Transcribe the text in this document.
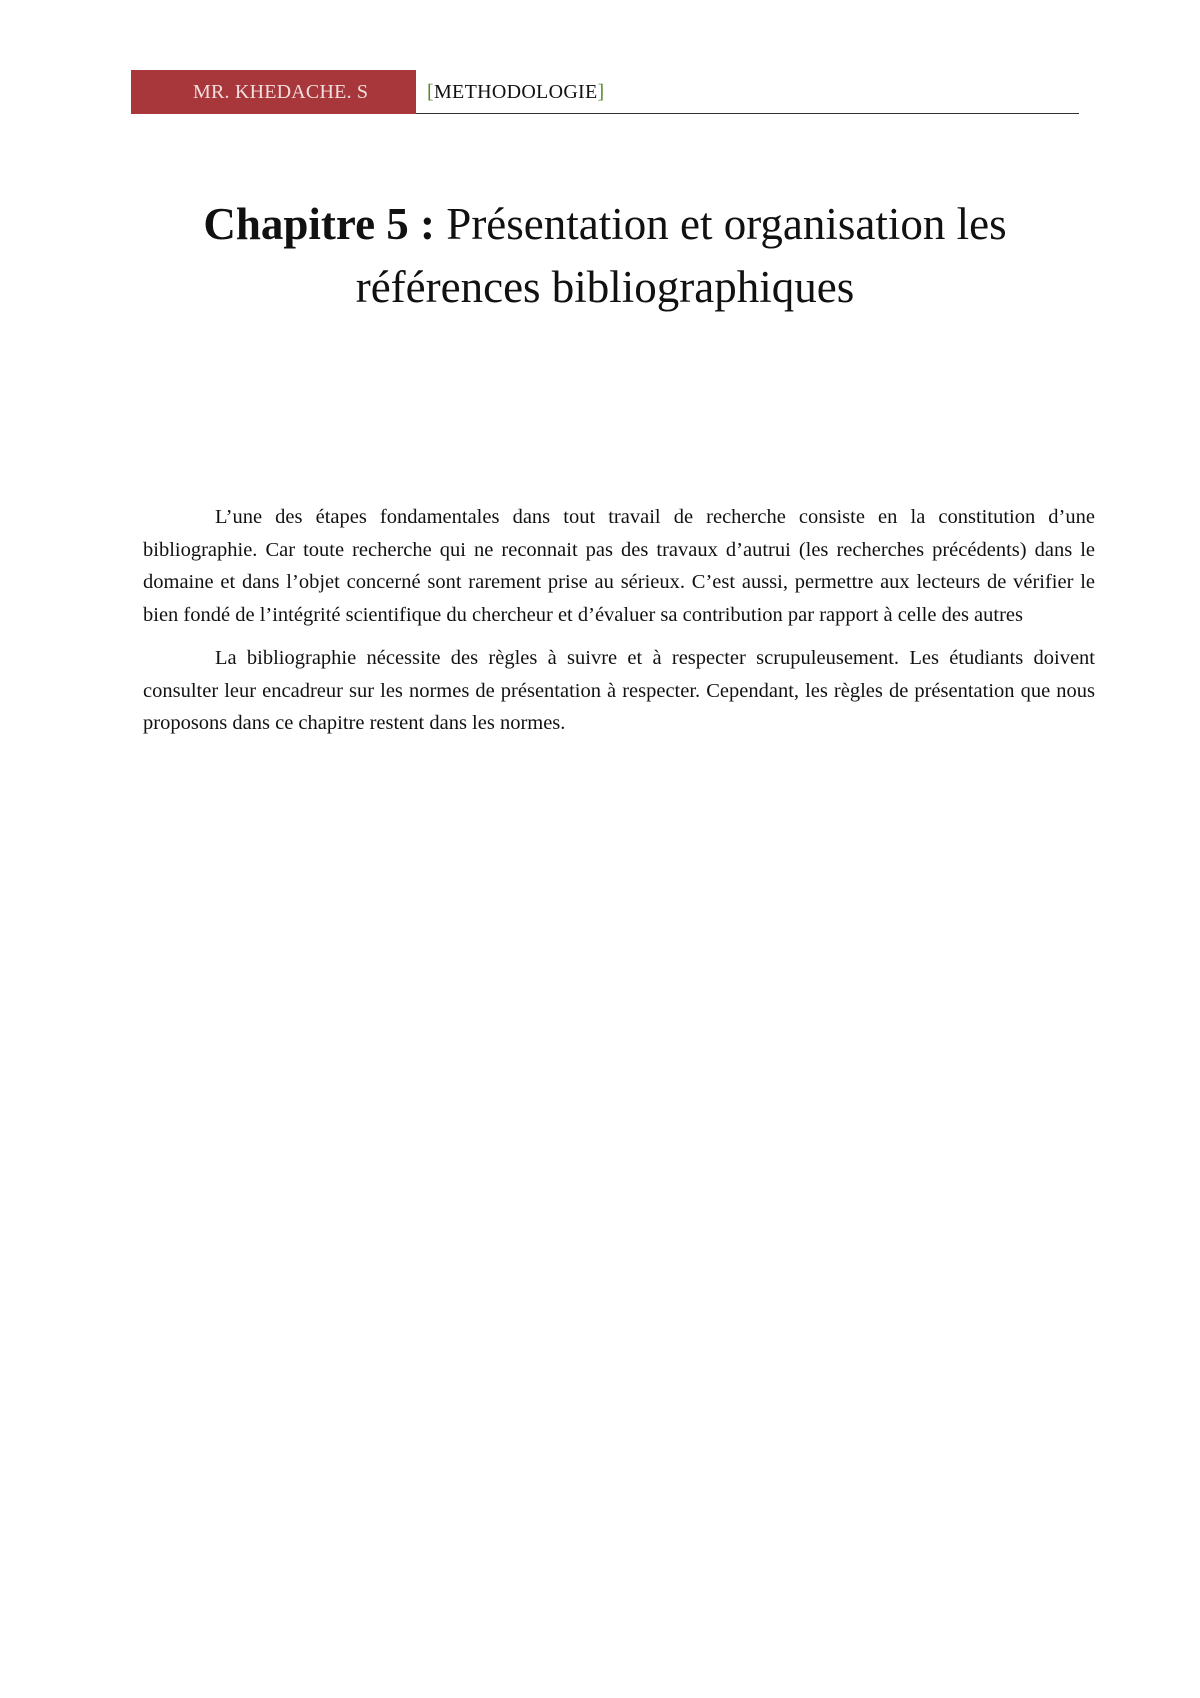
MR. KHEDACHE. S	[METHODOLOGIE]
Chapitre 5 : Présentation et organisation les références bibliographiques

L’une des étapes fondamentales dans tout travail de recherche consiste en la constitution d’une bibliographie. Car toute recherche qui ne reconnait pas des travaux d’autrui (les recherches précédents) dans le domaine et dans l’objet concerné sont rarement prise au sérieux. C’est aussi, permettre aux lecteurs de vérifier le bien fondé de l’intégrité scientifique du chercheur et d’évaluer sa contribution par rapport à celle des autres

La bibliographie nécessite des règles à suivre et à respecter scrupuleusement. Les étudiants doivent consulter leur encadreur sur les normes de présentation à respecter. Cependant, les règles de présentation que nous proposons dans ce chapitre restent dans les normes.
